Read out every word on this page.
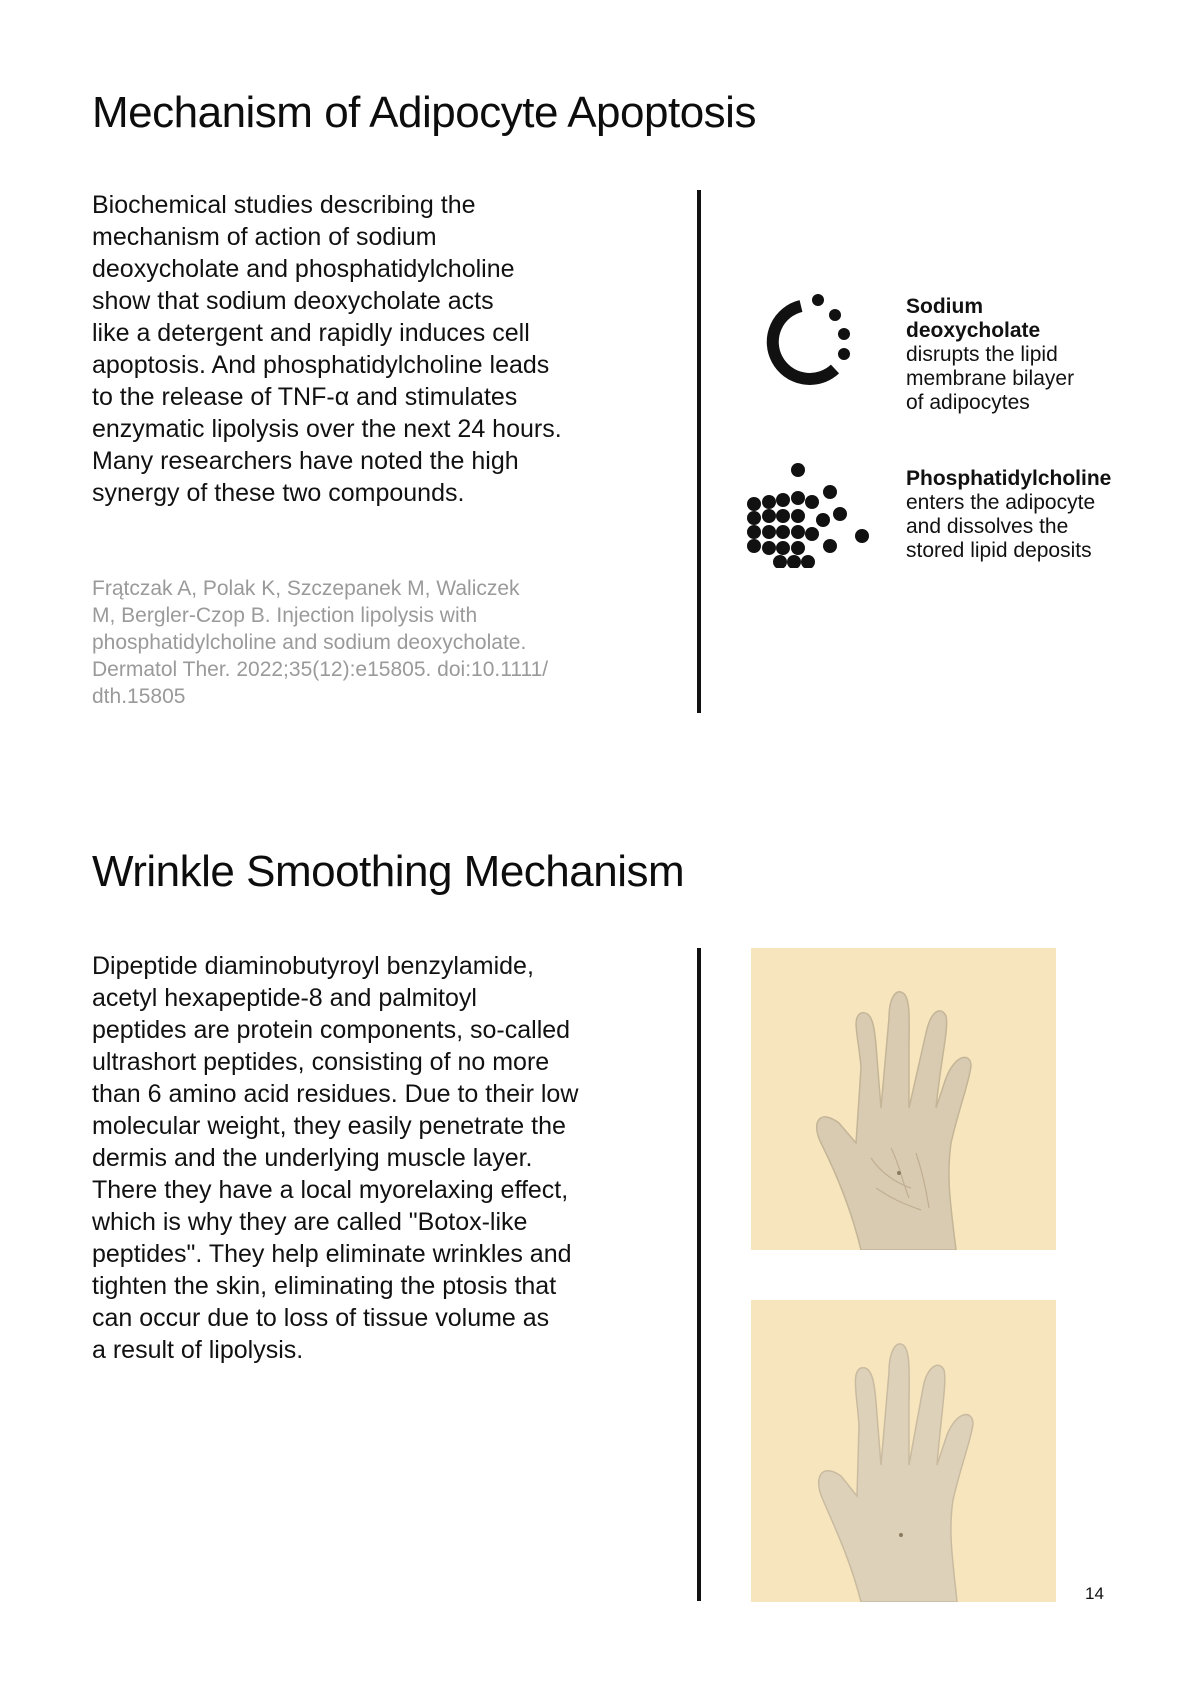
Mechanism of Adipocyte Apoptosis

Biochemical studies describing the

mechanism of action of sodium

deoxycholate and phosphatidylcholine

show that sodium deoxycholate acts

like a detergent and rapidly induces cell

apoptosis. And phosphatidylcholine leads

to the release of TNF-α and stimulates

enzymatic lipolysis over the next 24 hours.

Many researchers have noted the high

synergy of these two compounds.

Frątczak A, Polak K, Szczepanek M, Waliczek
M, Bergler-Czop B. Injection lipolysis with
phosphatidylcholine and sodium deoxycholate.
Dermatol Ther. 2022;35(12):e15805. doi:10.1111/
dth.15805
Sodium
deoxycholate
disrupts the lipid
membrane bilayer
of adipocytes
Phosphatidylcholine
enters the adipocyte
and dissolves the
stored lipid deposits
Wrinkle Smoothing Mechanism

Dipeptide diaminobutyroyl benzylamide,

acetyl hexapeptide-8 and palmitoyl

peptides are protein components, so-called

ultrashort peptides, consisting of no more

than 6 amino acid residues. Due to their low

molecular weight, they easily penetrate the

dermis and the underlying muscle layer.

There they have a local myorelaxing effect,

which is why they are called "Botox-like

peptides". They help eliminate wrinkles and

tighten the skin, eliminating the ptosis that

can occur due to loss of tissue volume as

a result of lipolysis.

14
